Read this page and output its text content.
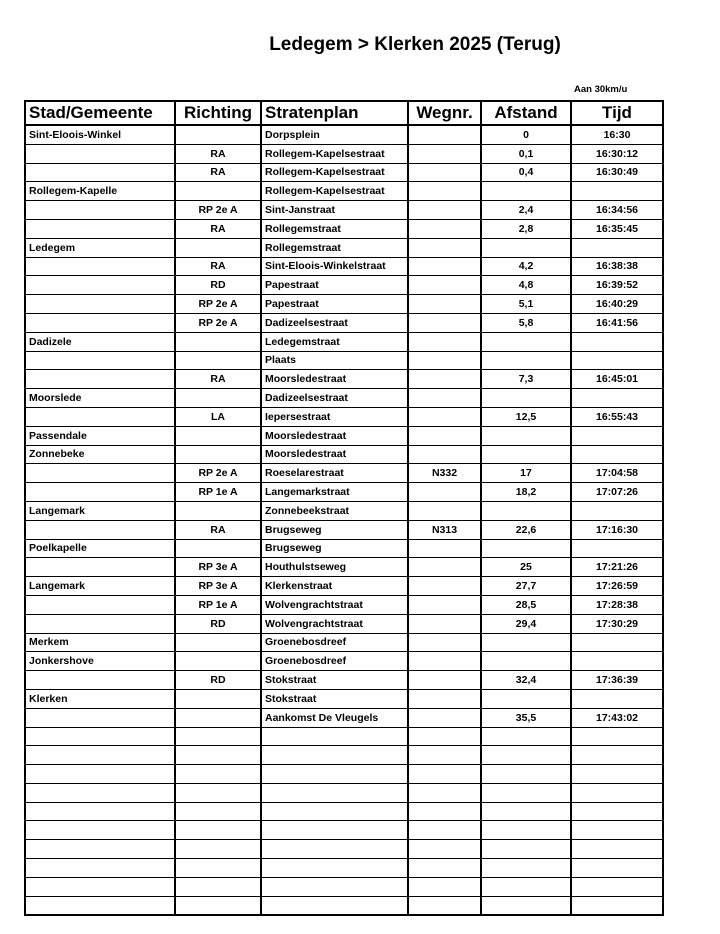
Ledegem > Klerken 2025 (Terug)
Aan 30km/u
Stad/Gemeente	Richting	Stratenplan	Wegnr.	Afstand	Tijd
Sint-Eloois-Winkel		Dorpsplein		0	16:30
	RA	Rollegem-Kapelsestraat		0,1	16:30:12
	RA	Rollegem-Kapelsestraat		0,4	16:30:49
Rollegem-Kapelle		Rollegem-Kapelsestraat			
	RP 2e A	Sint-Janstraat		2,4	16:34:56
	RA	Rollegemstraat		2,8	16:35:45
Ledegem		Rollegemstraat			
	RA	Sint-Eloois-Winkelstraat		4,2	16:38:38
	RD	Papestraat		4,8	16:39:52
	RP 2e A	Papestraat		5,1	16:40:29
	RP 2e A	Dadizeelsestraat		5,8	16:41:56
Dadizele		Ledegemstraat			
		Plaats			
	RA	Moorsledestraat		7,3	16:45:01
Moorslede		Dadizeelsestraat			
	LA	Iepersestraat		12,5	16:55:43
Passendale		Moorsledestraat			
Zonnebeke		Moorsledestraat			
	RP 2e A	Roeselarestraat	N332	17	17:04:58
	RP 1e A	Langemarkstraat		18,2	17:07:26
Langemark		Zonnebeekstraat			
	RA	Brugseweg	N313	22,6	17:16:30
Poelkapelle		Brugseweg			
	RP 3e A	Houthulstseweg		25	17:21:26
Langemark	RP 3e A	Klerkenstraat		27,7	17:26:59
	RP 1e A	Wolvengrachtstraat		28,5	17:28:38
	RD	Wolvengrachtstraat		29,4	17:30:29
Merkem		Groenebosdreef			
Jonkershove		Groenebosdreef			
	RD	Stokstraat		32,4	17:36:39
Klerken		Stokstraat			
		Aankomst De Vleugels		35,5	17:43:02
